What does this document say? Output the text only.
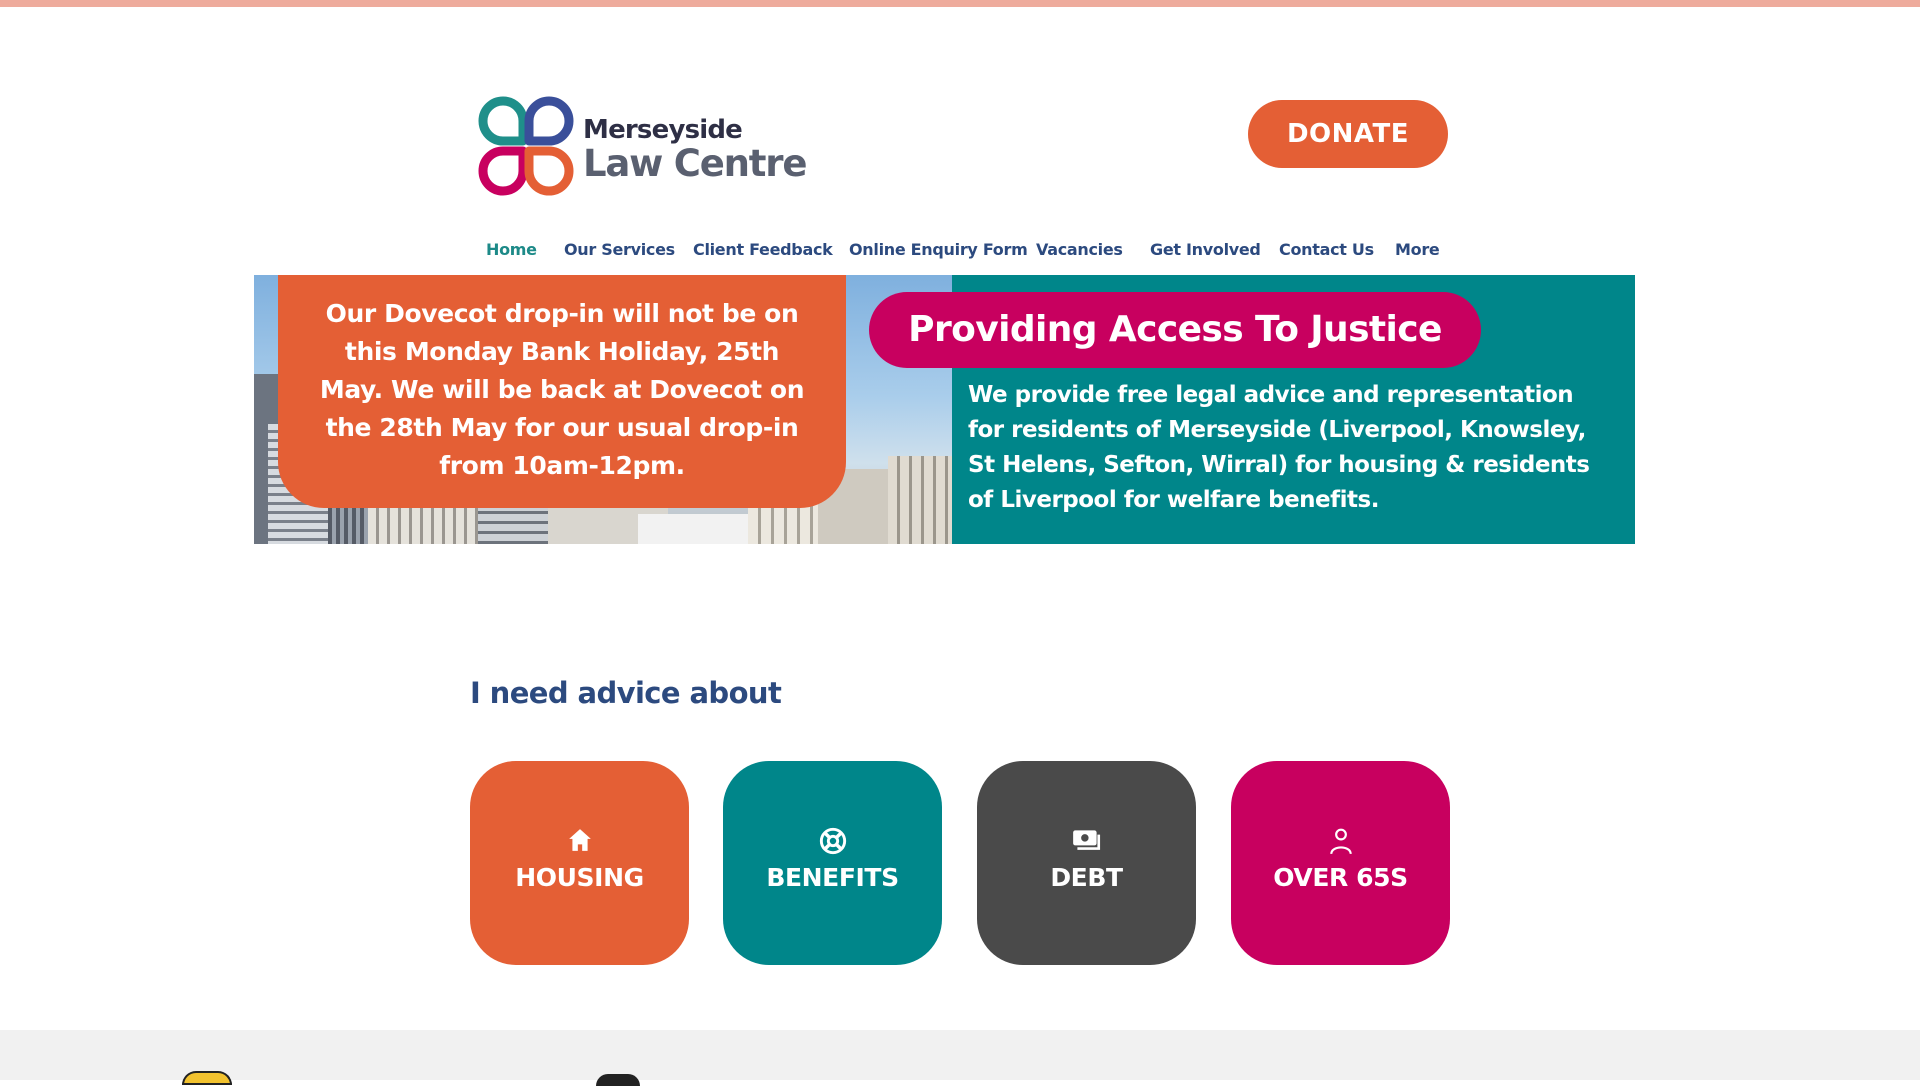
Merseyside
Law Centre
DONATE
Home Our Services Client Feedback Online Enquiry Form Vacancies Get Involved Contact Us More
Our Dovecot drop-in will not be on this Monday Bank Holiday, 25th May. We will be back at Dovecot on the 28th May for our usual drop-in from 10am-12pm.
Providing Access To Justice
We provide free legal advice and representation for residents of Merseyside (Liverpool, Knowsley, St Helens, Sefton, Wirral) for housing & residents of Liverpool for welfare benefits.
I need advice about
HOUSING	BENEFITS	DEBT	OVER 65S
